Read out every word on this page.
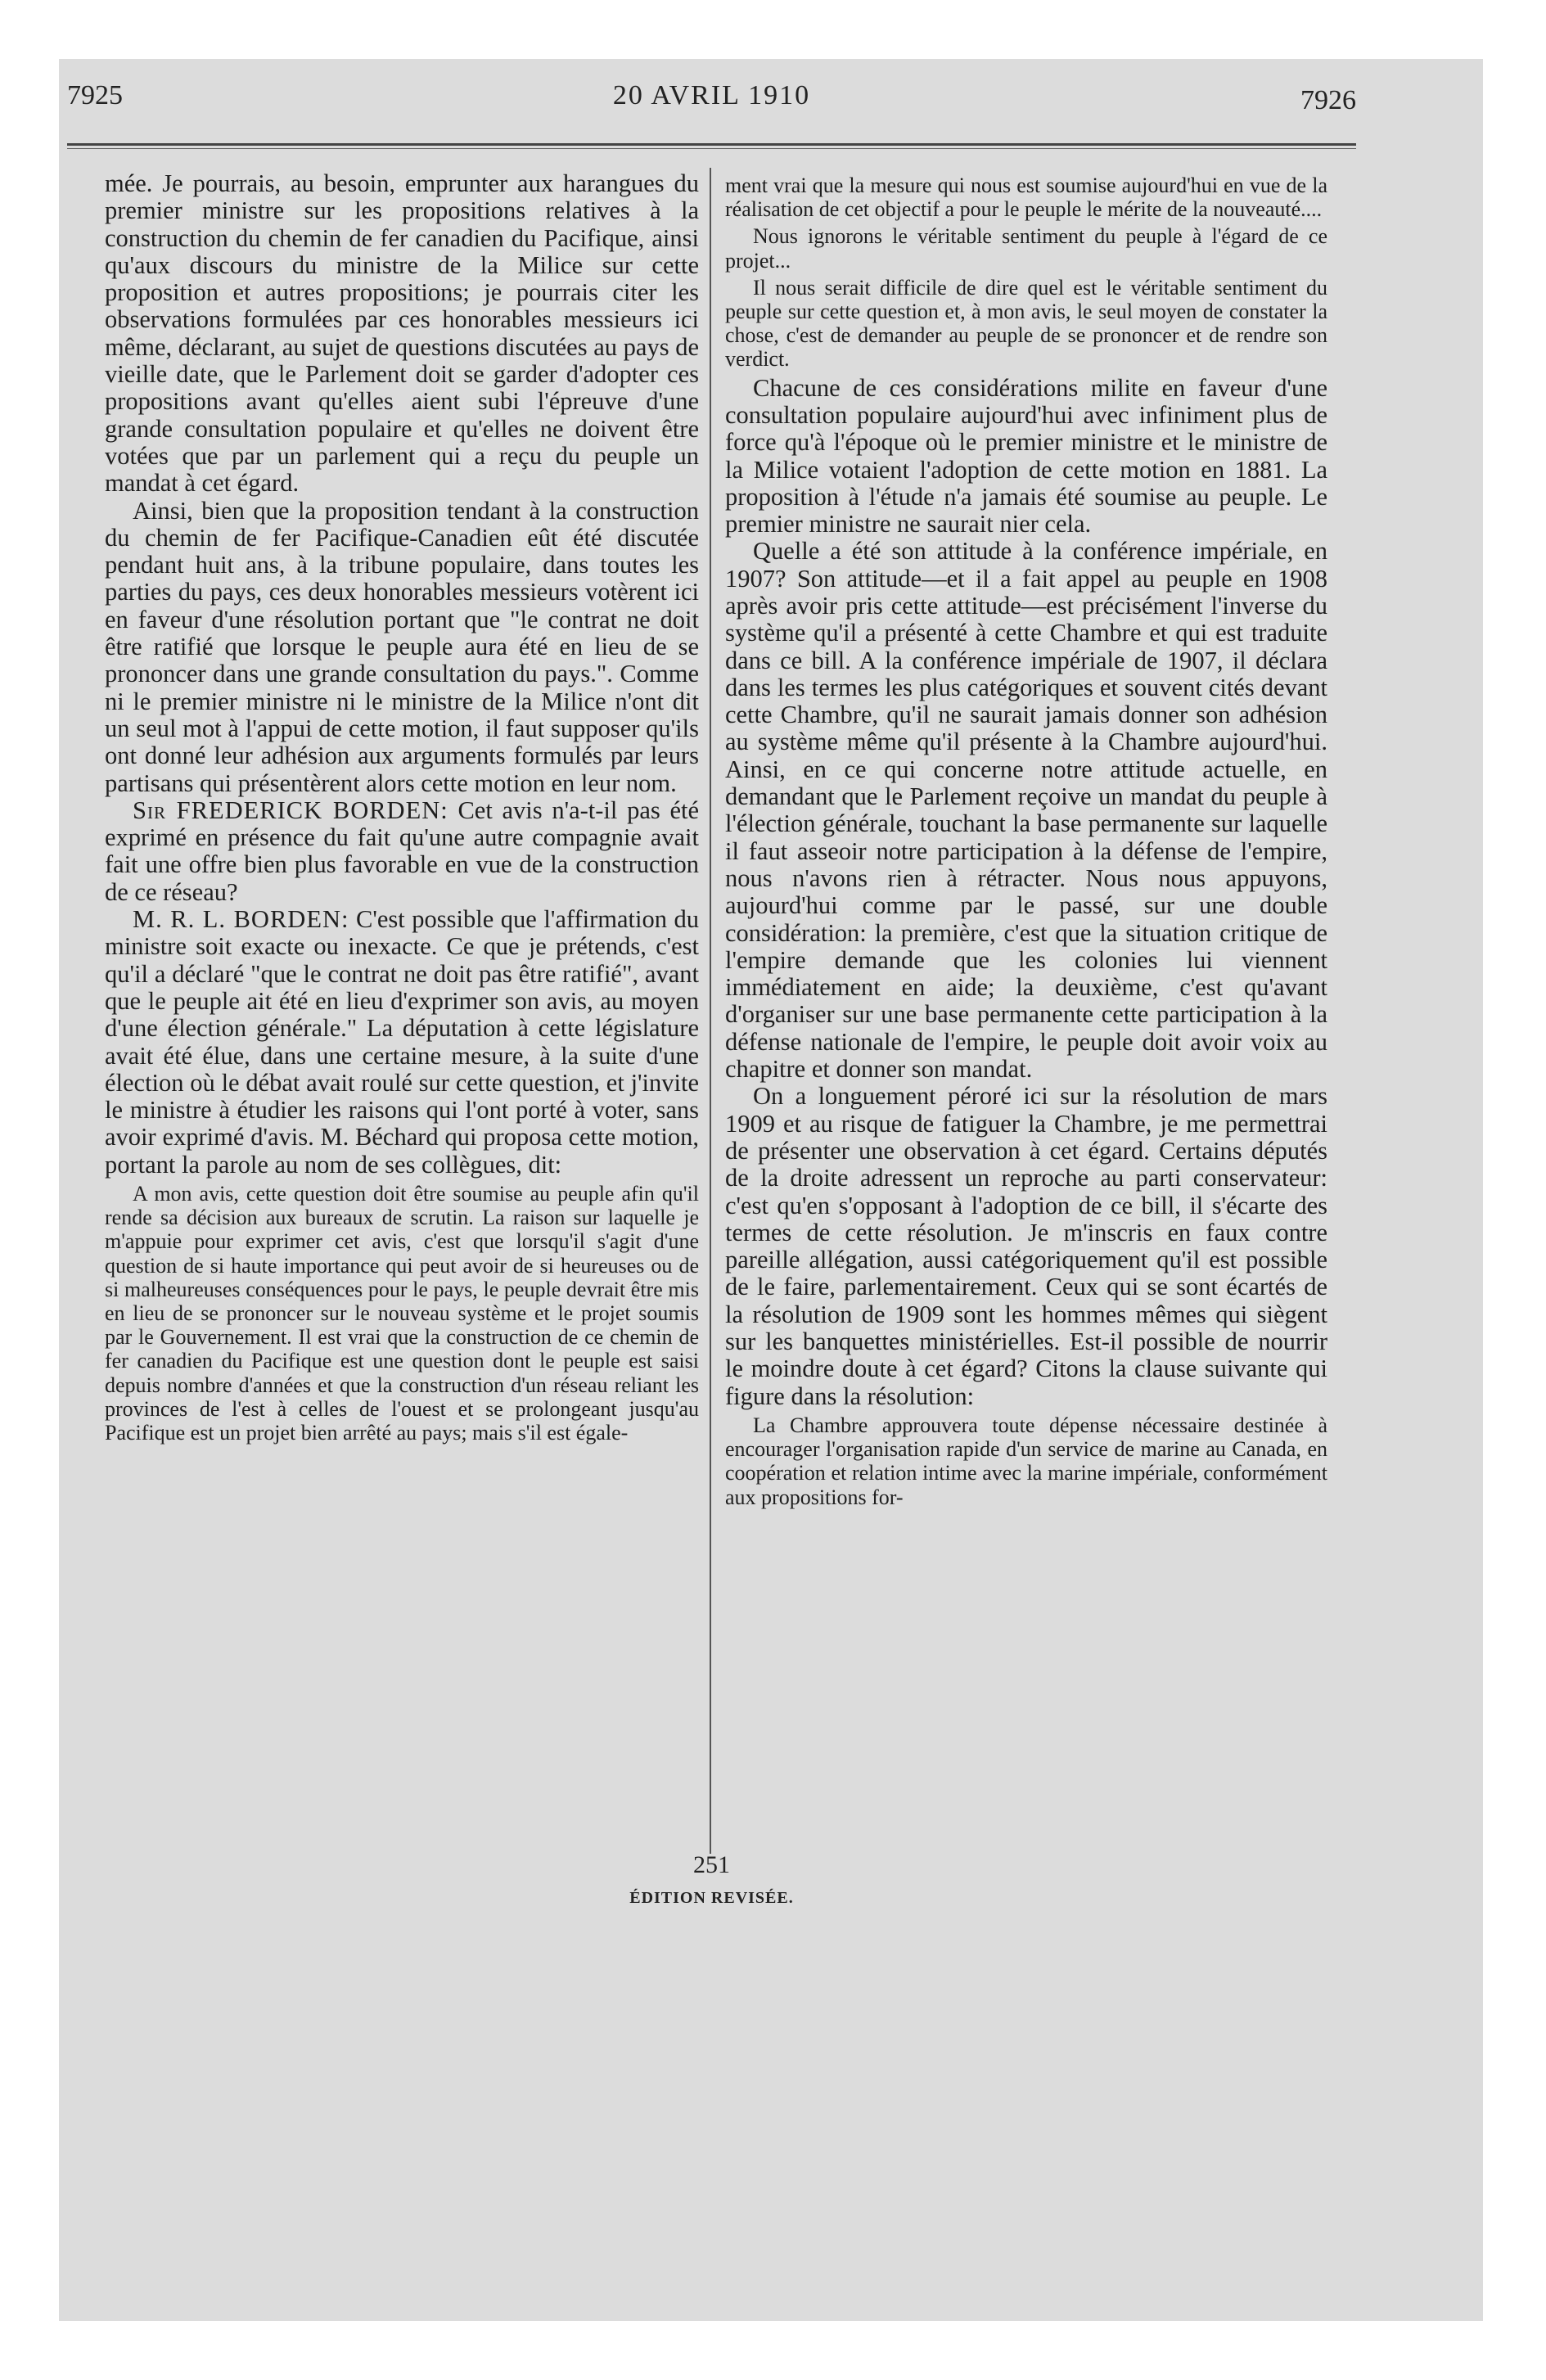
7925	20 AVRIL 1910	7926

mée. Je pourrais, au besoin, emprunter aux harangues du premier ministre sur les propositions relatives à la construction du chemin de fer canadien du Pacifique, ainsi qu'aux discours du ministre de la Milice sur cette proposition et autres propositions; je pourrais citer les observations formulées par ces honorables messieurs ici même, déclarant, au sujet de questions discutées au pays de vieille date, que le Parlement doit se garder d'adopter ces propositions avant qu'elles aient subi l'épreuve d'une grande consultation populaire et qu'elles ne doivent être votées que par un parlement qui a reçu du peuple un mandat à cet égard.

Ainsi, bien que la proposition tendant à la construction du chemin de fer Pacifique-Canadien eût été discutée pendant huit ans, à la tribune populaire, dans toutes les parties du pays, ces deux honorables messieurs votèrent ici en faveur d'une résolution portant que "le contrat ne doit être ratifié que lorsque le peuple aura été en lieu de se prononcer dans une grande consultation du pays.". Comme ni le premier ministre ni le ministre de la Milice n'ont dit un seul mot à l'appui de cette motion, il faut supposer qu'ils ont donné leur adhésion aux arguments formulés par leurs partisans qui présentèrent alors cette motion en leur nom.

Sir FREDERICK BORDEN: Cet avis n'a-t-il pas été exprimé en présence du fait qu'une autre compagnie avait fait une offre bien plus favorable en vue de la construction de ce réseau?

M. R. L. BORDEN: C'est possible que l'affirmation du ministre soit exacte ou inexacte. Ce que je prétends, c'est qu'il a déclaré "que le contrat ne doit pas être ratifié", avant que le peuple ait été en lieu d'exprimer son avis, au moyen d'une élection générale." La députation à cette législature avait été élue, dans une certaine mesure, à la suite d'une élection où le débat avait roulé sur cette question, et j'invite le ministre à étudier les raisons qui l'ont porté à voter, sans avoir exprimé d'avis. M. Béchard qui proposa cette motion, portant la parole au nom de ses collègues, dit:

A mon avis, cette question doit être soumise au peuple afin qu'il rende sa décision aux bureaux de scrutin. La raison sur laquelle je m'appuie pour exprimer cet avis, c'est que lorsqu'il s'agit d'une question de si haute importance qui peut avoir de si heureuses ou de si malheureuses conséquences pour le pays, le peuple devrait être mis en lieu de se prononcer sur le nouveau système et le projet soumis par le Gouvernement. Il est vrai que la construction de ce chemin de fer canadien du Pacifique est une question dont le peuple est saisi depuis nombre d'années et que la construction d'un réseau reliant les provinces de l'est à celles de l'ouest et se prolongeant jusqu'au Pacifique est un projet bien arrêté au pays; mais s'il est égale-

ment vrai que la mesure qui nous est soumise aujourd'hui en vue de la réalisation de cet objectif a pour le peuple le mérite de la nouveauté....

Nous ignorons le véritable sentiment du peuple à l'égard de ce projet...

Il nous serait difficile de dire quel est le véritable sentiment du peuple sur cette question et, à mon avis, le seul moyen de constater la chose, c'est de demander au peuple de se prononcer et de rendre son verdict.

Chacune de ces considérations milite en faveur d'une consultation populaire aujourd'hui avec infiniment plus de force qu'à l'époque où le premier ministre et le ministre de la Milice votaient l'adoption de cette motion en 1881. La proposition à l'étude n'a jamais été soumise au peuple. Le premier ministre ne saurait nier cela.

Quelle a été son attitude à la conférence impériale, en 1907? Son attitude—et il a fait appel au peuple en 1908 après avoir pris cette attitude—est précisément l'inverse du système qu'il a présenté à cette Chambre et qui est traduite dans ce bill. A la conférence impériale de 1907, il déclara dans les termes les plus catégoriques et souvent cités devant cette Chambre, qu'il ne saurait jamais donner son adhésion au système même qu'il présente à la Chambre aujourd'hui. Ainsi, en ce qui concerne notre attitude actuelle, en demandant que le Parlement reçoive un mandat du peuple à l'élection générale, touchant la base permanente sur laquelle il faut asseoir notre participation à la défense de l'empire, nous n'avons rien à rétracter. Nous nous appuyons, aujourd'hui comme par le passé, sur une double considération: la première, c'est que la situation critique de l'empire demande que les colonies lui viennent immédiatement en aide; la deuxième, c'est qu'avant d'organiser sur une base permanente cette participation à la défense nationale de l'empire, le peuple doit avoir voix au chapitre et donner son mandat.

On a longuement péroré ici sur la résolution de mars 1909 et au risque de fatiguer la Chambre, je me permettrai de présenter une observation à cet égard. Certains députés de la droite adressent un reproche au parti conservateur: c'est qu'en s'opposant à l'adoption de ce bill, il s'écarte des termes de cette résolution. Je m'inscris en faux contre pareille allégation, aussi catégoriquement qu'il est possible de le faire, parlementairement. Ceux qui se sont écartés de la résolution de 1909 sont les hommes mêmes qui siègent sur les banquettes ministérielles. Est-il possible de nourrir le moindre doute à cet égard? Citons la clause suivante qui figure dans la résolution:

La Chambre approuvera toute dépense nécessaire destinée à encourager l'organisation rapide d'un service de marine au Canada, en coopération et relation intime avec la marine impériale, conformément aux propositions for-

251
ÉDITION REVISÉE.
